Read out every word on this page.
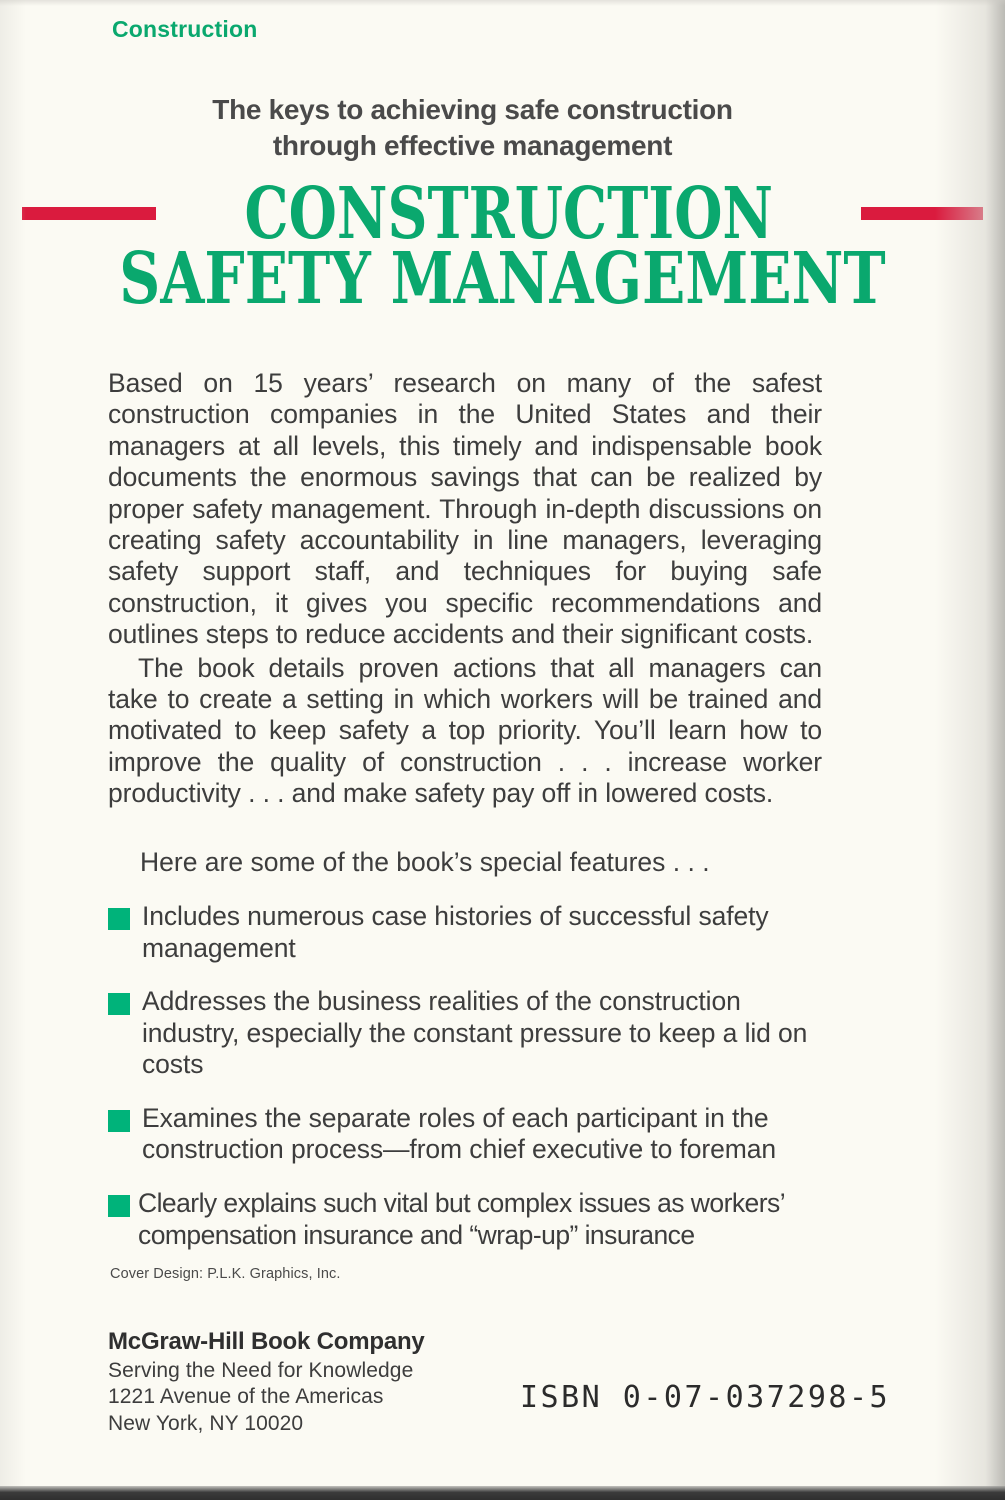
Construction
The keys to achieving safe construction
through effective management
CONSTRUCTION
SAFETY MANAGEMENT

Based on 15 years’ research on many of the safest construction companies in the United States and their managers at all levels, this timely and indispensable book documents the enormous savings that can be realized by proper safety management. Through in-depth discussions on creating safety accountability in line managers, leveraging safety support staff, and techniques for buying safe construction, it gives you specific recommendations and outlines steps to reduce accidents and their significant costs.

The book details proven actions that all managers can take to create a setting in which workers will be trained and motivated to keep safety a top priority. You’ll learn how to improve the quality of construction . . . increase worker productivity . . . and make safety pay off in lowered costs.

Here are some of the book’s special features . . .
Includes numerous case histories of successful safety management
Addresses the business realities of the construction industry, especially the constant pressure to keep a lid on costs
Examines the separate roles of each participant in the construction process—from chief executive to foreman
Clearly explains such vital but complex issues as workers’ compensation insurance and “wrap-up” insurance
Cover Design: P.L.K. Graphics, Inc.
McGraw-Hill Book Company
Serving the Need for Knowledge
1221 Avenue of the Americas
New York, NY 10020
ISBN 0-07-037298-5
